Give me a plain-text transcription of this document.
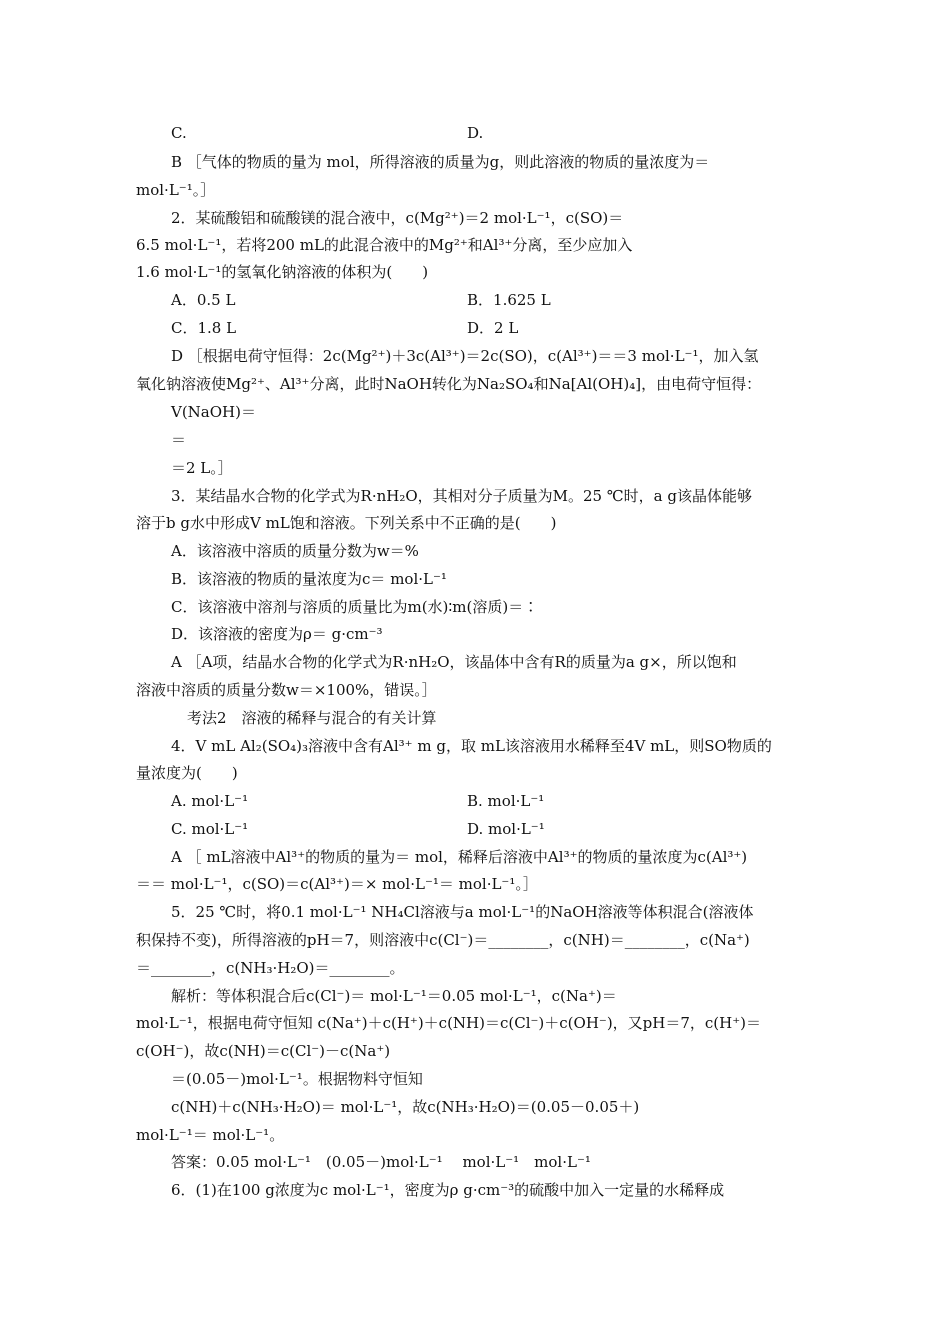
C.	D.
B ［气体的物质的量为 mol，所得溶液的质量为g，则此溶液的物质的量浓度为＝
mol·L⁻¹。］
2．某硫酸铝和硫酸镁的混合液中，c(Mg²⁺)＝2 mol·L⁻¹，c(SO)＝
6.5 mol·L⁻¹，若将200 mL的此混合液中的Mg²⁺和Al³⁺分离，至少应加入
1.6 mol·L⁻¹的氢氧化钠溶液的体积为(　　)
A．0.5 L	B．1.625 L
C．1.8 L	D．2 L
D ［根据电荷守恒得：2c(Mg²⁺)＋3c(Al³⁺)＝2c(SO)，c(Al³⁺)＝＝3 mol·L⁻¹，加入氢
氧化钠溶液使Mg²⁺、Al³⁺分离，此时NaOH转化为Na₂SO₄和Na[Al(OH)₄]，由电荷守恒得：
V(NaOH)＝
＝
＝2 L。］
3．某结晶水合物的化学式为R·nH₂O，其相对分子质量为M。25 ℃时，a g该晶体能够
溶于b g水中形成V mL饱和溶液。下列关系中不正确的是(　　)
A．该溶液中溶质的质量分数为w＝%
B．该溶液的物质的量浓度为c＝ mol·L⁻¹
C．该溶液中溶剂与溶质的质量比为m(水)∶m(溶质)＝∶
D．该溶液的密度为ρ＝ g·cm⁻³
A ［A项，结晶水合物的化学式为R·nH₂O，该晶体中含有R的质量为a g×，所以饱和
溶液中溶质的质量分数w＝×100%，错误。］
考法2　溶液的稀释与混合的有关计算
4．V mL Al₂(SO₄)₃溶液中含有Al³⁺ m g，取 mL该溶液用水稀释至4V mL，则SO物质的
量浓度为(　　)
A. mol·L⁻¹	B. mol·L⁻¹
C. mol·L⁻¹	D. mol·L⁻¹
A ［ mL溶液中Al³⁺的物质的量为＝ mol，稀释后溶液中Al³⁺的物质的量浓度为c(Al³⁺)
＝＝ mol·L⁻¹，c(SO)＝c(Al³⁺)＝× mol·L⁻¹＝ mol·L⁻¹。］
5．25 ℃时，将0.1 mol·L⁻¹ NH₄Cl溶液与a mol·L⁻¹的NaOH溶液等体积混合(溶液体
积保持不变)，所得溶液的pH＝7，则溶液中c(Cl⁻)＝________，c(NH)＝________，c(Na⁺)
＝________，c(NH₃·H₂O)＝________。
解析：等体积混合后c(Cl⁻)＝ mol·L⁻¹＝0.05 mol·L⁻¹，c(Na⁺)＝
mol·L⁻¹，根据电荷守恒知 c(Na⁺)＋c(H⁺)＋c(NH)＝c(Cl⁻)＋c(OH⁻)，又pH＝7，c(H⁺)＝
c(OH⁻)，故c(NH)＝c(Cl⁻)－c(Na⁺)
＝(0.05－)mol·L⁻¹。根据物料守恒知
c(NH)＋c(NH₃·H₂O)＝ mol·L⁻¹，故c(NH₃·H₂O)＝(0.05－0.05＋)
mol·L⁻¹＝ mol·L⁻¹。
答案：0.05 mol·L⁻¹　(0.05－)mol·L⁻¹　 mol·L⁻¹　mol·L⁻¹
6．(1)在100 g浓度为c mol·L⁻¹，密度为ρ g·cm⁻³的硫酸中加入一定量的水稀释成
